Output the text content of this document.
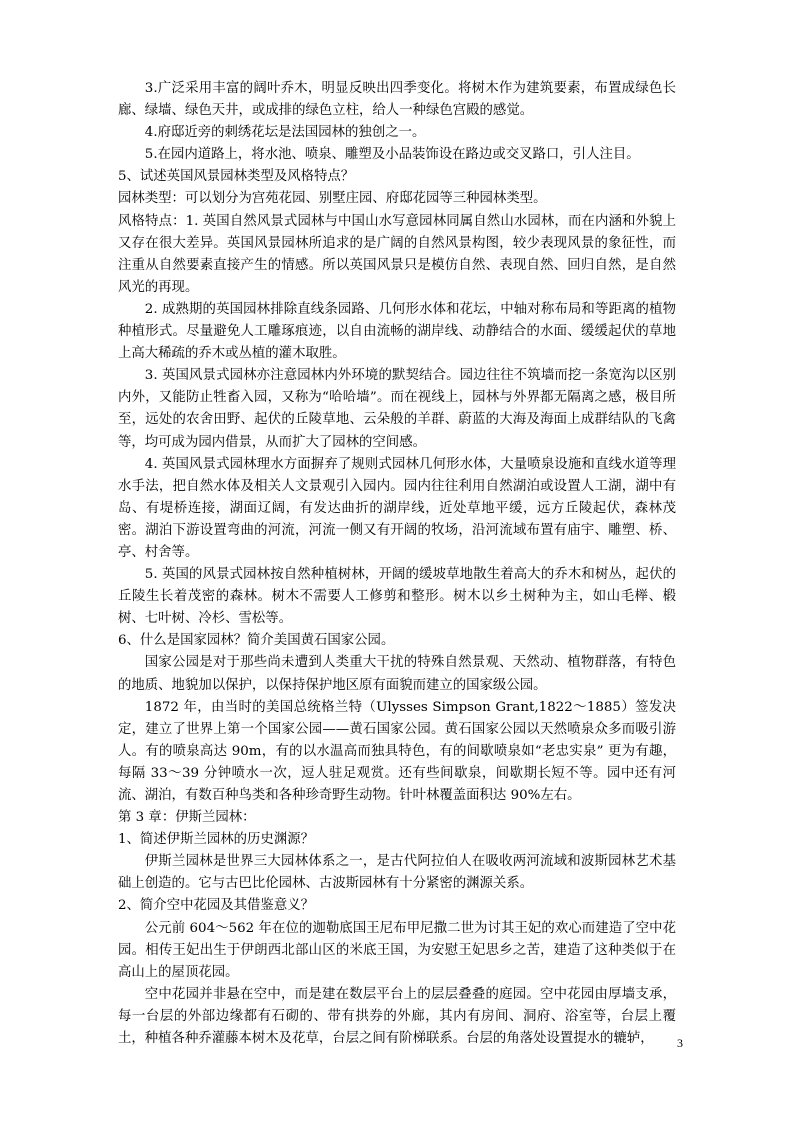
3.广泛采用丰富的阔叶乔木，明显反映出四季变化。将树木作为建筑要素，布置成绿色长廊、绿墙、绿色天井，或成排的绿色立柱，给人一种绿色宫殿的感觉。

4.府邸近旁的刺绣花坛是法国园林的独创之一。

5.在园内道路上，将水池、喷泉、雕塑及小品装饰设在路边或交叉路口，引人注目。

5、试述英国风景园林类型及风格特点？

园林类型：可以划分为宫苑花园、别墅庄园、府邸花园等三种园林类型。

风格特点：1. 英国自然风景式园林与中国山水写意园林同属自然山水园林，而在内涵和外貌上又存在很大差异。英国风景园林所追求的是广阔的自然风景构图，较少表现风景的象征性，而注重从自然要素直接产生的情感。所以英国风景只是模仿自然、表现自然、回归自然，是自然风光的再现。

2. 成熟期的英国园林排除直线条园路、几何形水体和花坛，中轴对称布局和等距离的植物种植形式。尽量避免人工雕琢痕迹，以自由流畅的湖岸线、动静结合的水面、缓缓起伏的草地上高大稀疏的乔木或丛植的灌木取胜。

3. 英国风景式园林亦注意园林内外环境的默契结合。园边往往不筑墙而挖一条宽沟以区别内外，又能防止牲畜入园，又称为“哈哈墙”。而在视线上，园林与外界都无隔离之感，极目所至，远处的农舍田野、起伏的丘陵草地、云朵般的羊群、蔚蓝的大海及海面上成群结队的飞禽等，均可成为园内借景，从而扩大了园林的空间感。

4. 英国风景式园林理水方面摒弃了规则式园林几何形水体，大量喷泉设施和直线水道等理水手法，把自然水体及相关人文景观引入园内。园内往往利用自然湖泊或设置人工湖，湖中有岛、有堤桥连接，湖面辽阔，有发达曲折的湖岸线，近处草地平缓，远方丘陵起伏，森林茂密。湖泊下游设置弯曲的河流，河流一侧又有开阔的牧场，沿河流域布置有庙宇、雕塑、桥、亭、村舍等。

5. 英国的风景式园林按自然种植树林，开阔的缓坡草地散生着高大的乔木和树丛，起伏的丘陵生长着茂密的森林。树木不需要人工修剪和整形。树木以乡土树种为主，如山毛榉、椴树、七叶树、冷杉、雪松等。

6、什么是国家园林？简介美国黄石国家公园。

国家公园是对于那些尚未遭到人类重大干扰的特殊自然景观、天然动、植物群落，有特色的地质、地貌加以保护，以保持保护地区原有面貌而建立的国家级公园。

1872 年，由当时的美国总统格兰特（Ulysses Simpson Grant,1822～1885）签发决定，建立了世界上第一个国家公园——黄石国家公园。黄石国家公园以天然喷泉众多而吸引游人。有的喷泉高达 90m，有的以水温高而独具特色，有的间歇喷泉如“老忠实泉” 更为有趣，每隔 33～39 分钟喷水一次，逗人驻足观赏。还有些间歇泉，间歇期长短不等。园中还有河流、湖泊，有数百种鸟类和各种珍奇野生动物。针叶林覆盖面积达 90%左右。

第 3 章：伊斯兰园林：

1、简述伊斯兰园林的历史渊源？

伊斯兰园林是世界三大园林体系之一，是古代阿拉伯人在吸收两河流域和波斯园林艺术基础上创造的。它与古巴比伦园林、古波斯园林有十分紧密的渊源关系。

2、简介空中花园及其借鉴意义？

公元前 604～562 年在位的迦勒底国王尼布甲尼撒二世为讨其王妃的欢心而建造了空中花园。相传王妃出生于伊朗西北部山区的米底王国，为安慰王妃思乡之苦，建造了这种类似于在高山上的屋顶花园。

空中花园并非悬在空中，而是建在数层平台上的层层叠叠的庭园。空中花园由厚墙支承，每一台层的外部边缘都有石砌的、带有拱券的外廊，其内有房间、洞府、浴室等，台层上覆土，种植各种乔灌藤本树木及花草，台层之间有阶梯联系。台层的角落处设置提水的辘轳，	3
